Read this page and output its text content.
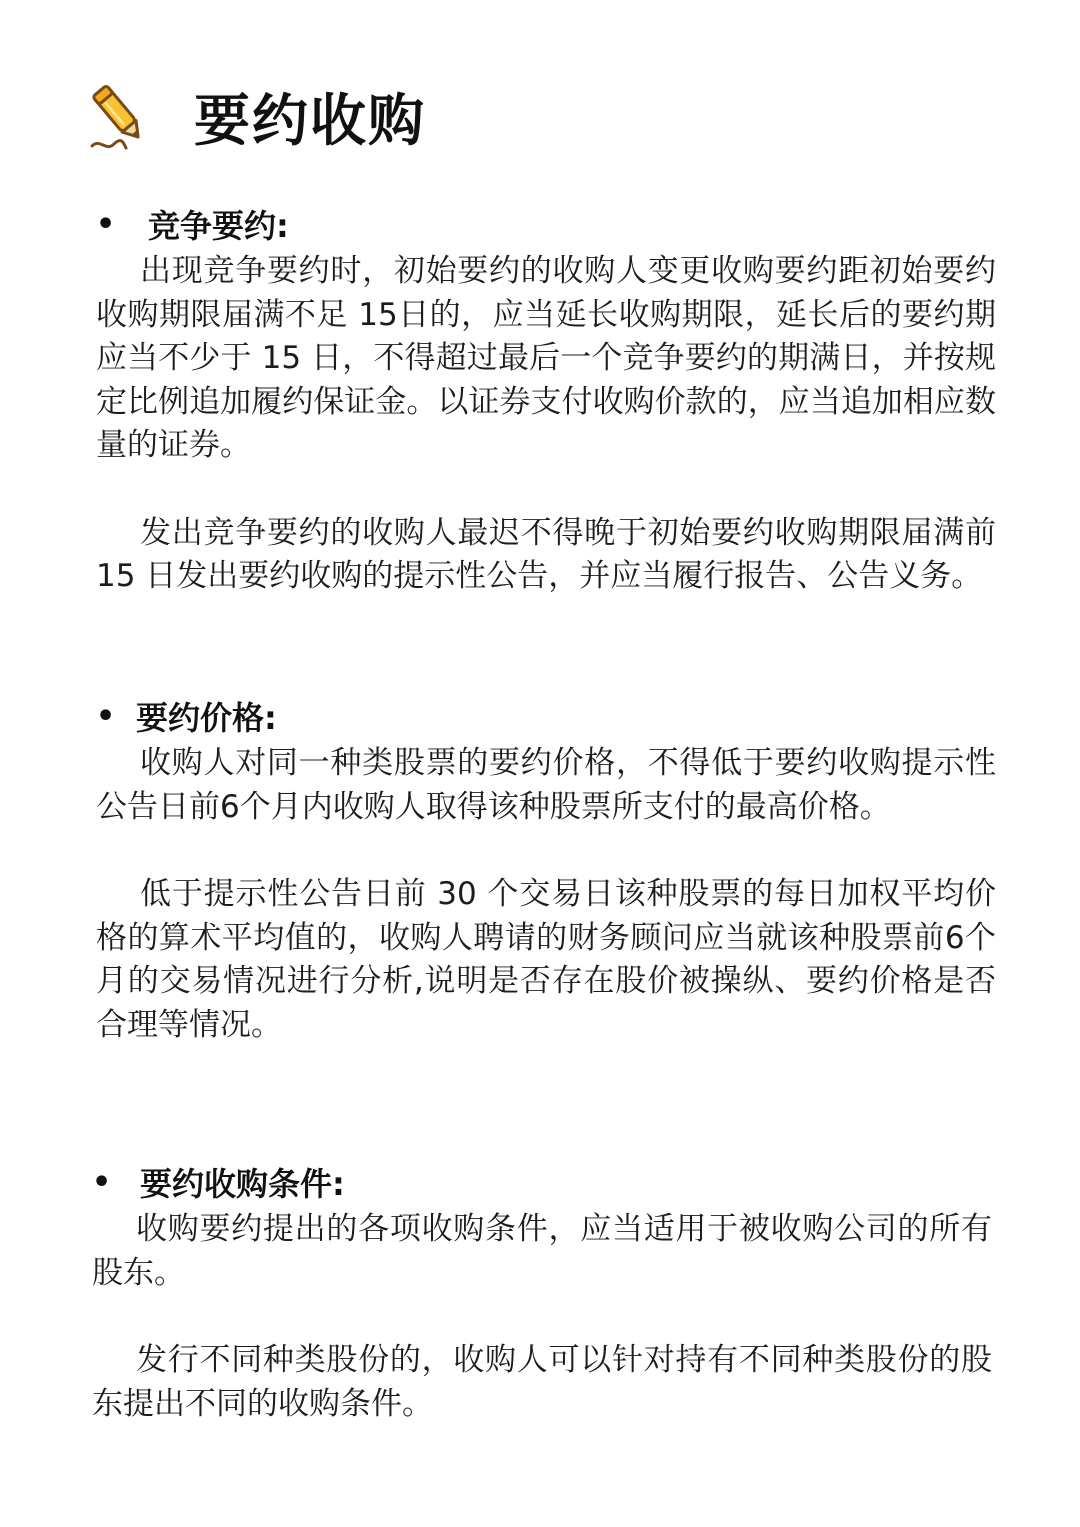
要约收购
•	竞争要约:

出现竞争要约时，初始要约的收购人变更收购要约距初始要约收购期限届满不足 15日的，应当延长收购期限，延长后的要约期应当不少于 15 日，不得超过最后一个竞争要约的期满日，并按规定比例追加履约保证金。以证券支付收购价款的，应当追加相应数量的证券。

发出竞争要约的收购人最迟不得晚于初始要约收购期限届满前 15 日发出要约收购的提示性公告，并应当履行报告、公告义务。

• 要约价格:

收购人对同一种类股票的要约价格，不得低于要约收购提示性公告日前6个月内收购人取得该种股票所支付的最高价格。

低于提示性公告日前 30 个交易日该种股票的每日加权平均价格的算术平均值的，收购人聘请的财务顾问应当就该种股票前6个月的交易情况进行分析,说明是否存在股价被操纵、要约价格是否合理等情况。

• 要约收购条件:

收购要约提出的各项收购条件，应当适用于被收购公司的所有股东。

发行不同种类股份的，收购人可以针对持有不同种类股份的股东提出不同的收购条件。
